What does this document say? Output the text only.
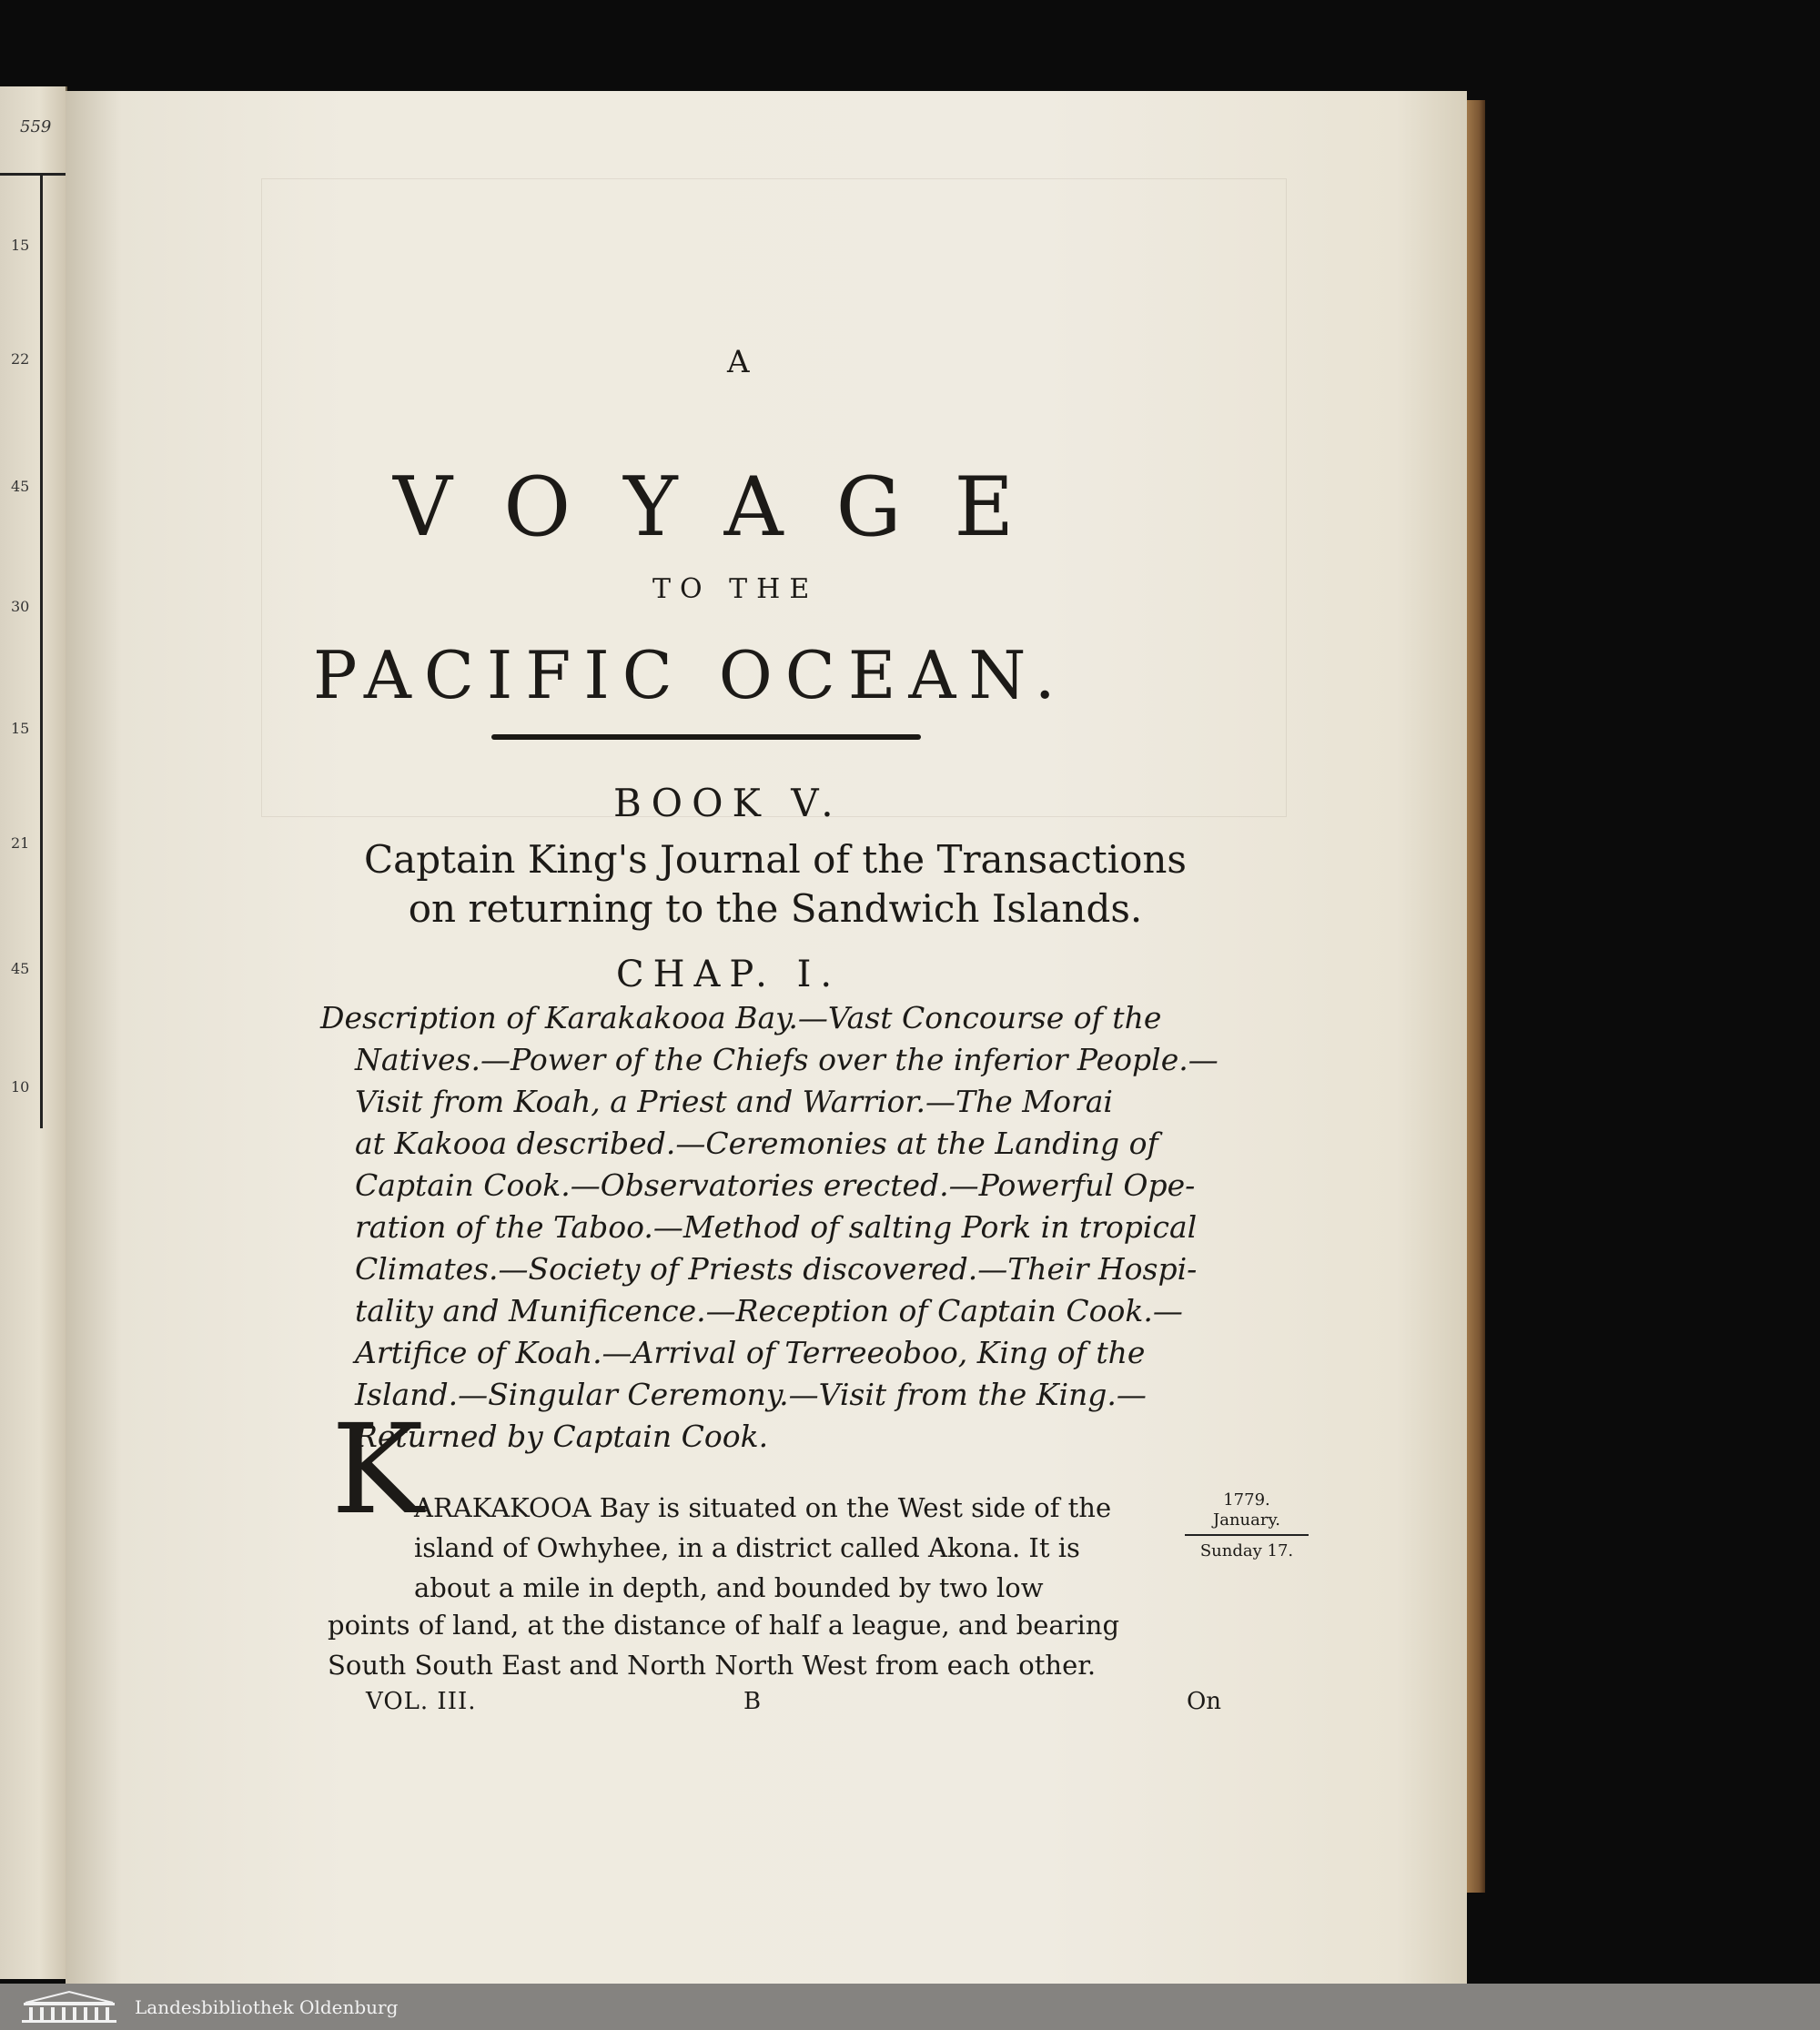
559
15
22
45
30
15
21
45
10
A
VOYAGE
TO THE
PACIFIC OCEAN.
BOOK V.
Captain King's Journal of the Transactions
on returning to the Sandwich Islands.
CHAP. I.
Description of Karakakooa Bay.—Vast Concourse of the
Natives.—Power of the Chiefs over the inferior People.— Visit from Koah, a Priest and Warrior.—The Morai at Kakooa described.—Ceremonies at the Landing of Captain Cook.—Observatories erected.—Powerful Ope- ration of the Taboo.—Method of salting Pork in tropical Climates.—Society of Priests discovered.—Their Hospi- tality and Munificence.—Reception of Captain Cook.— Artifice of Koah.—Arrival of Terreeoboo, King of the Island.—Singular Ceremony.—Visit from the King.— Returned by Captain Cook.
K
ARAKAKOOA Bay is situated on the West side of the
island of Owhyhee, in a district called Akona. It is
about a mile in depth, and bounded by two low
points of land, at the distance of half a league, and bearing
South South East and North North West from each other.
1779.
January.
Sunday 17.
VOL. III.	B	On
Landesbibliothek Oldenburg
